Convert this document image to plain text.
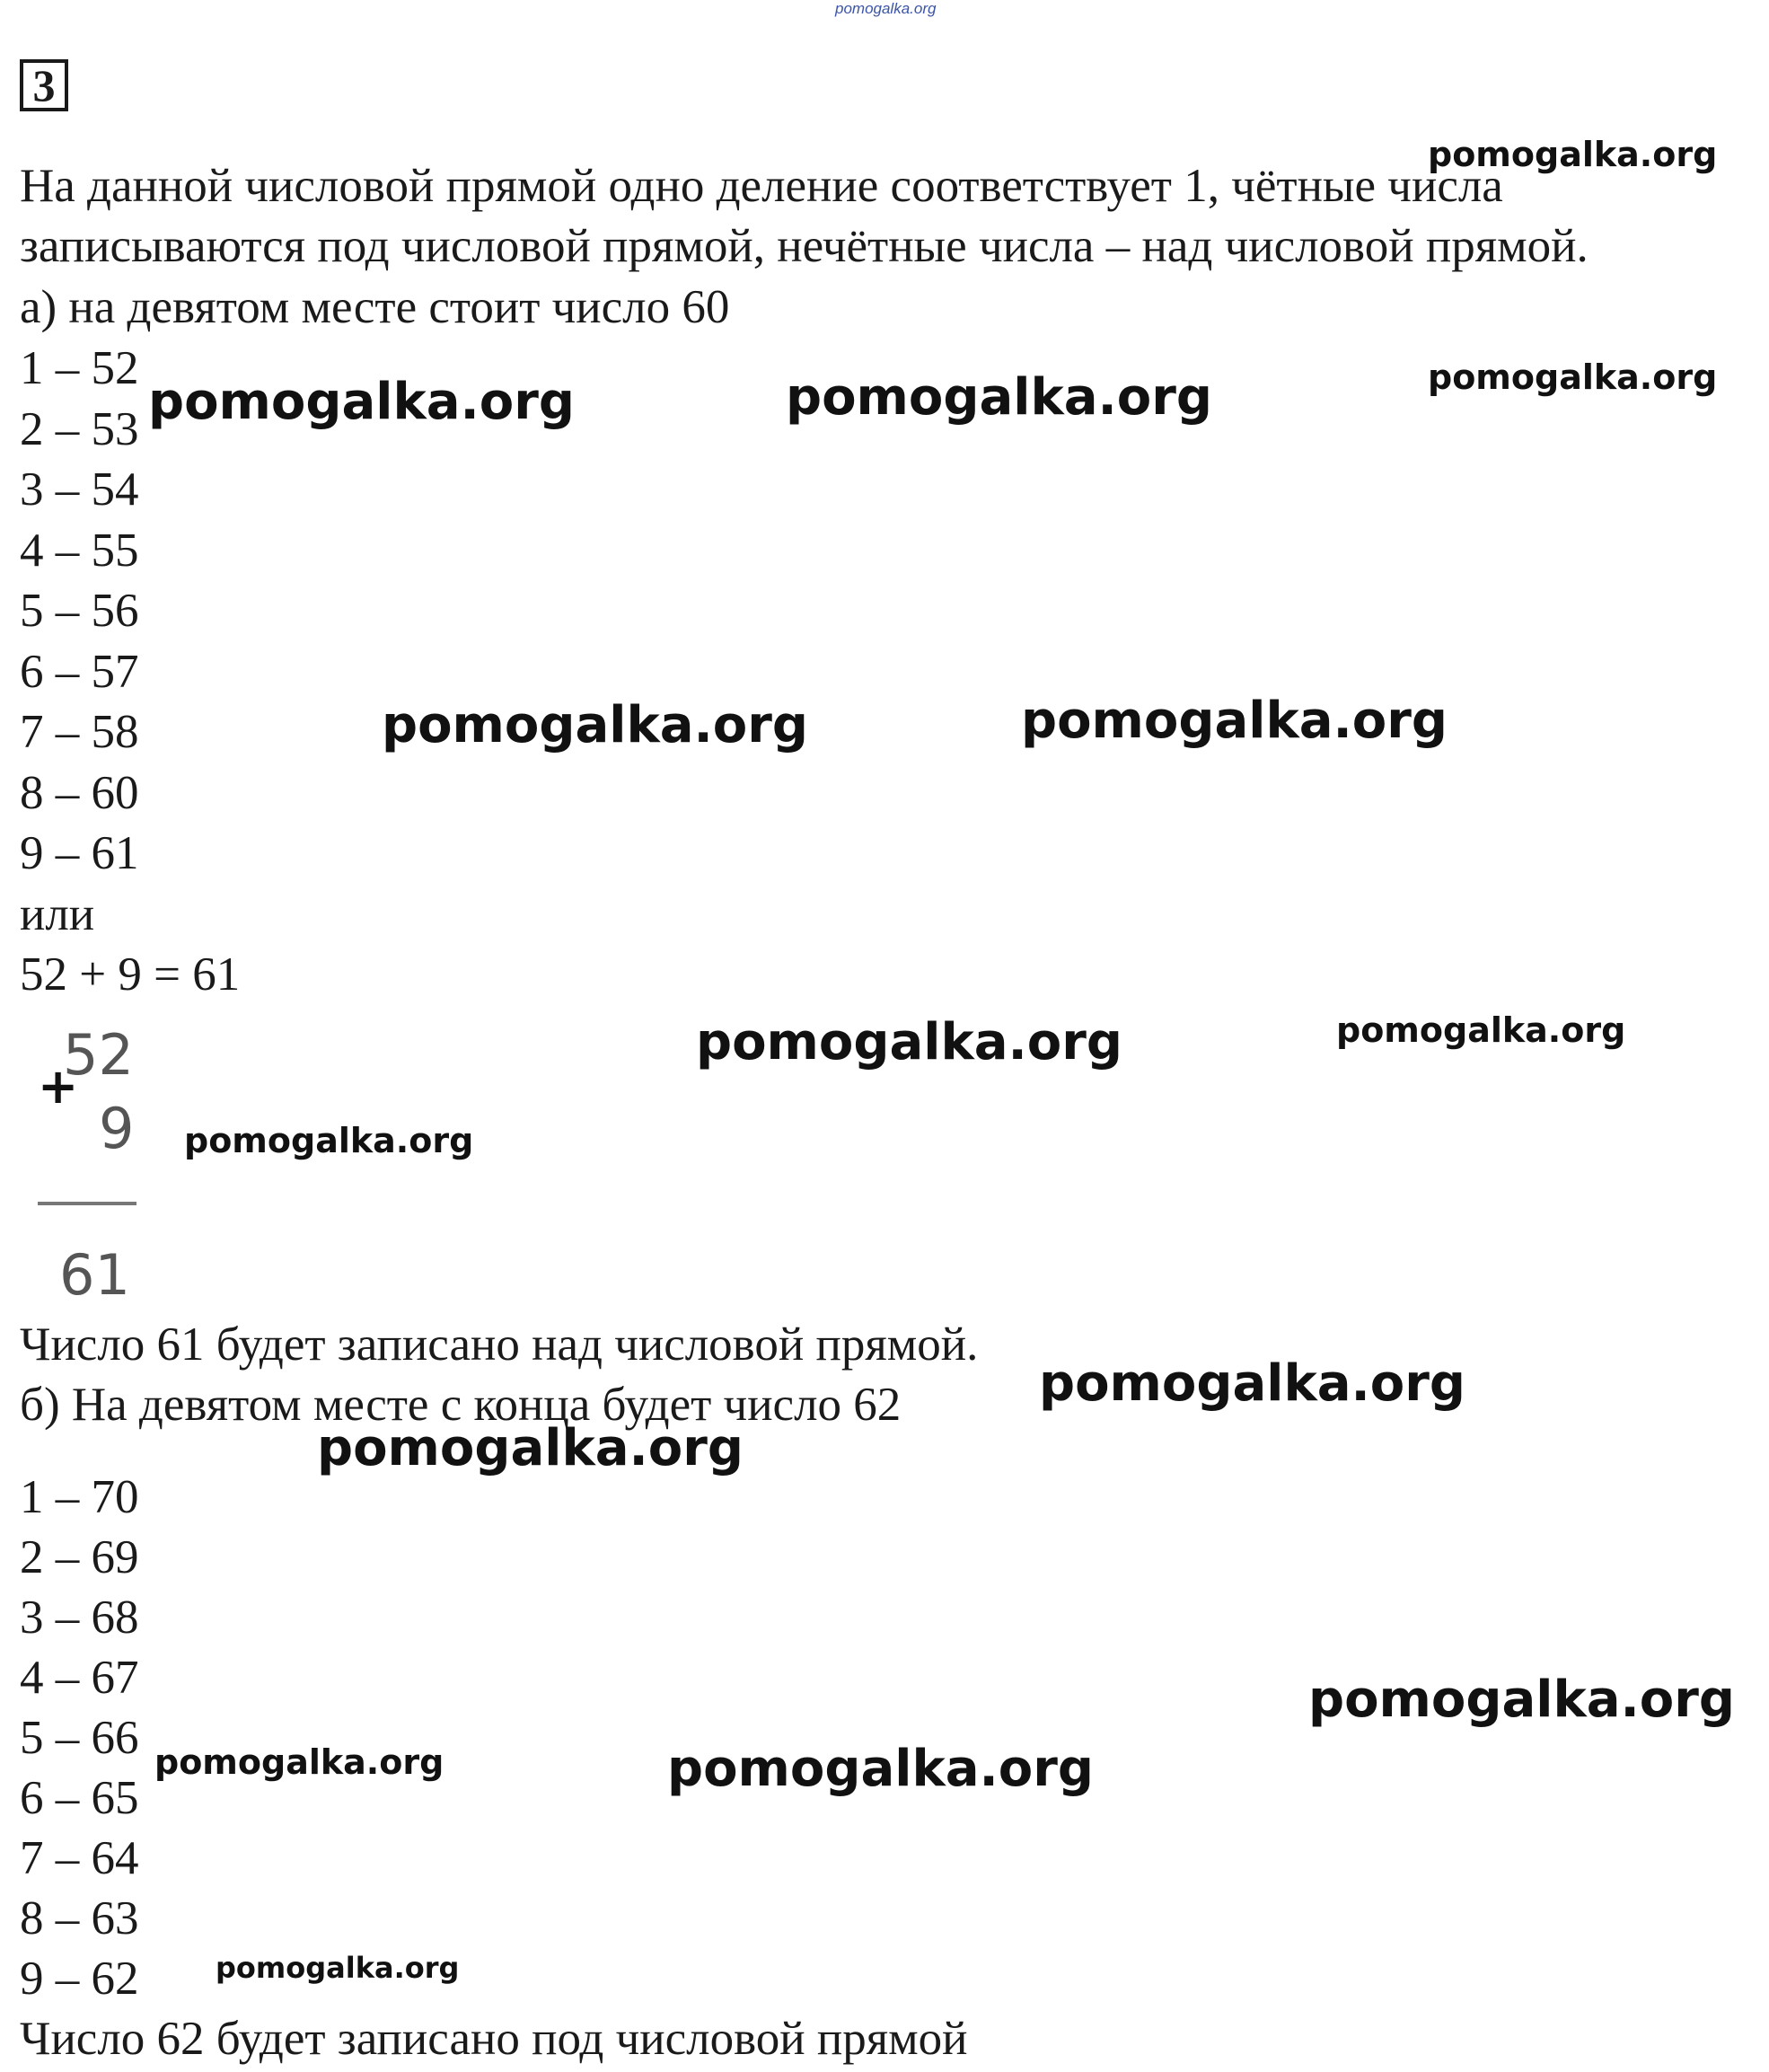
pomogalka.org
3
На данной числовой прямой одно деление соответствует 1, чётные числа
записываются под числовой прямой, нечётные числа – над числовой прямой.
а) на девятом месте стоит число 60
1 – 52
2 – 53
3 – 54
4 – 55
5 – 56
6 – 57
7 – 58
8 – 60
9 – 61
или
52 + 9 = 61
52
+
9
61
Число 61 будет записано над числовой прямой.
б) На девятом месте с конца будет число 62
1 – 70
2 – 69
3 – 68
4 – 67
5 – 66
6 – 65
7 – 64
8 – 63
9 – 62
Число 62 будет записано под числовой прямой
pomogalka.org
pomogalka.org	pomogalka.org	pomogalka.org
pomogalka.org	pomogalka.org
pomogalka.org	pomogalka.org
pomogalka.org
pomogalka.org
pomogalka.org
pomogalka.org
pomogalka.org
pomogalka.org
pomogalka.org
